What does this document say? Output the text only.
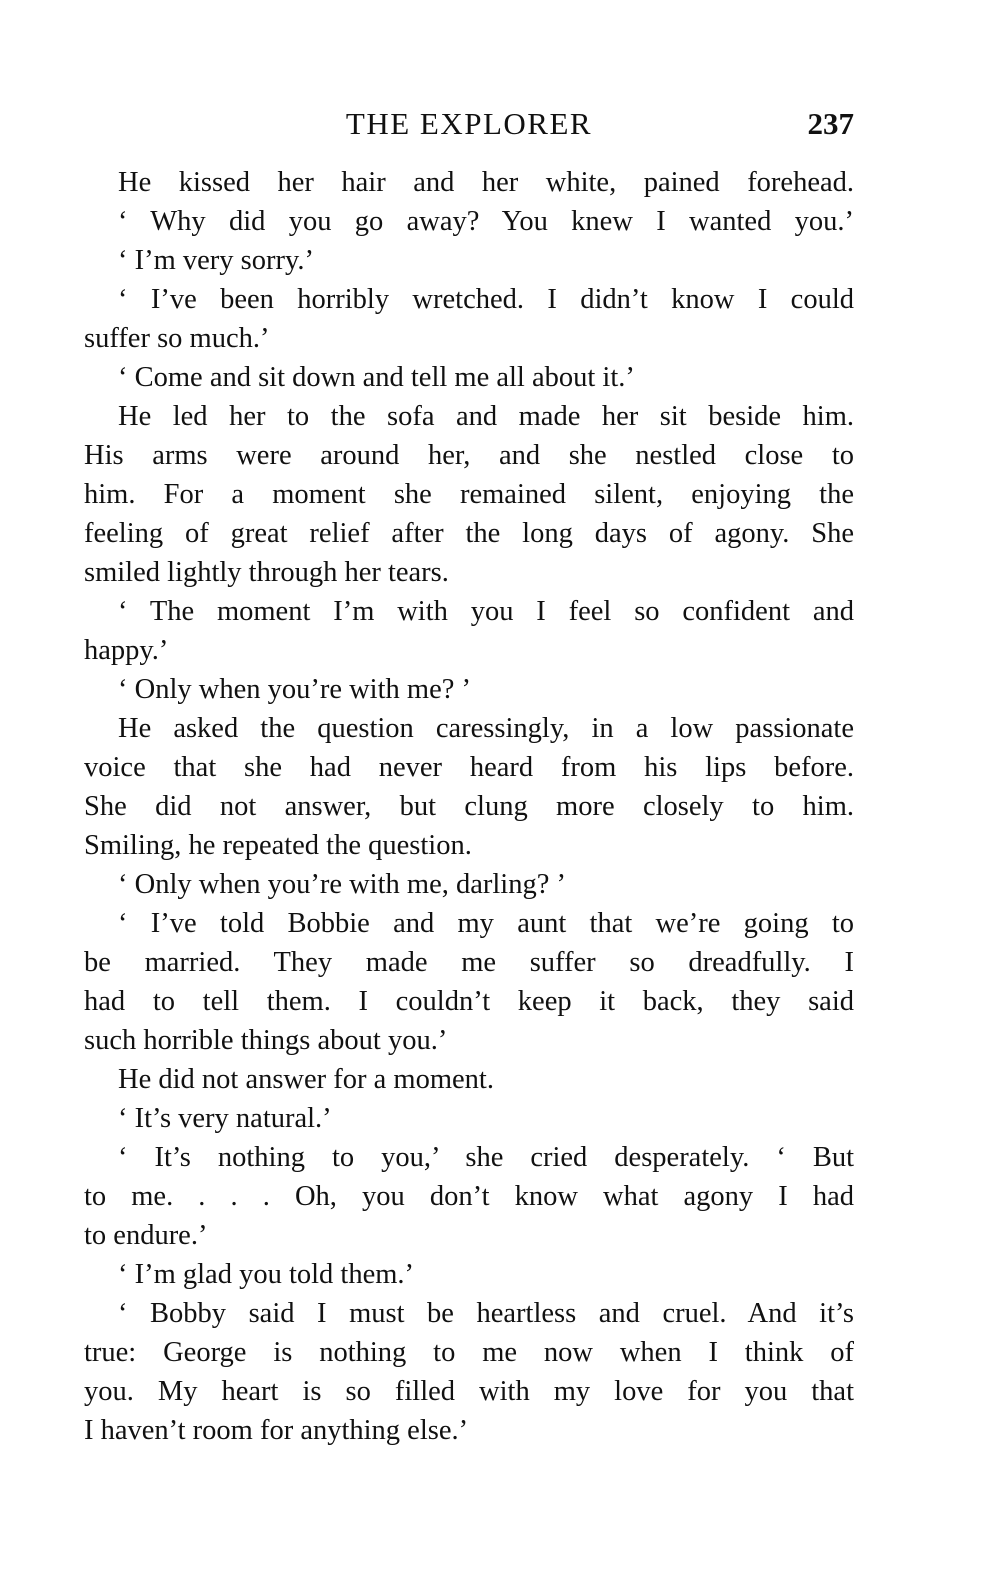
THE EXPLORER	237
He kissed her hair and her white, pained forehead.
‘ Why did you go away? You knew I wanted you.’
‘ I’m very sorry.’
‘ I’ve been horribly wretched. I didn’t know I could
suffer so much.’
‘ Come and sit down and tell me all about it.’
He led her to the sofa and made her sit beside him.
His arms were around her, and she nestled close to
him. For a moment she remained silent, enjoying the
feeling of great relief after the long days of agony. She
smiled lightly through her tears.
‘ The moment I’m with you I feel so confident and
happy.’
‘ Only when you’re with me? ’
He asked the question caressingly, in a low passionate
voice that she had never heard from his lips before.
She did not answer, but clung more closely to him.
Smiling, he repeated the question.
‘ Only when you’re with me, darling? ’
‘ I’ve told Bobbie and my aunt that we’re going to
be married. They made me suffer so dreadfully. I
had to tell them. I couldn’t keep it back, they said
such horrible things about you.’
He did not answer for a moment.
‘ It’s very natural.’
‘ It’s nothing to you,’ she cried desperately. ‘ But
to me. . . . Oh, you don’t know what agony I had
to endure.’
‘ I’m glad you told them.’
‘ Bobby said I must be heartless and cruel. And it’s
true: George is nothing to me now when I think of
you. My heart is so filled with my love for you that
I haven’t room for anything else.’
